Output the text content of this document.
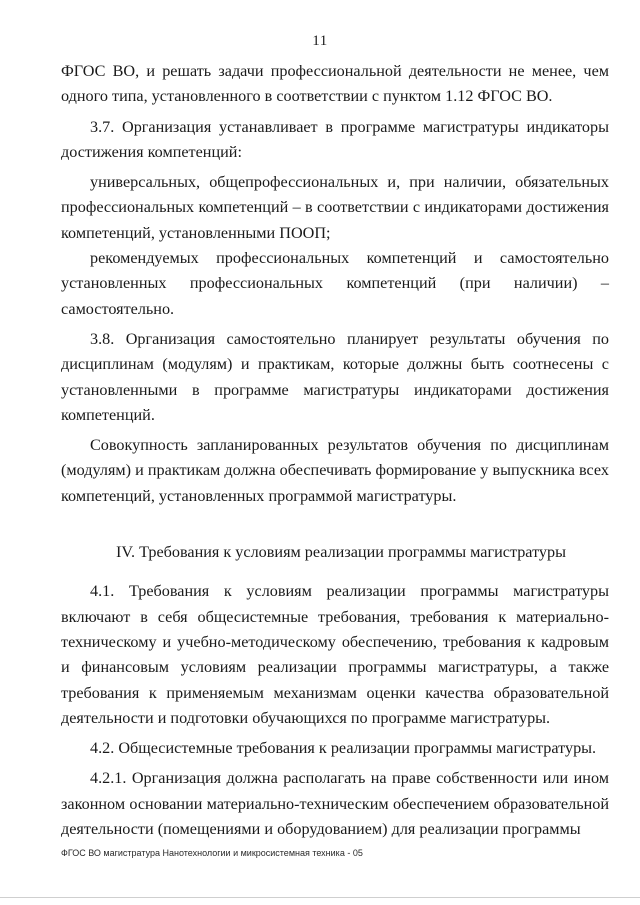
11

ФГОС ВО, и решать задачи профессиональной деятельности не менее, чем одного типа, установленного в соответствии с пунктом 1.12 ФГОС ВО.

3.7. Организация устанавливает в программе магистратуры индикаторы достижения компетенций:

универсальных, общепрофессиональных и, при наличии, обязательных профессиональных компетенций – в соответствии с индикаторами достижения компетенций, установленными ПООП;

рекомендуемых профессиональных компетенций и самостоятельно установленных профессиональных компетенций (при наличии) – самостоятельно.

3.8. Организация самостоятельно планирует результаты обучения по дисциплинам (модулям) и практикам, которые должны быть соотнесены с установленными в программе магистратуры индикаторами достижения компетенций.

Совокупность запланированных результатов обучения по дисциплинам (модулям) и практикам должна обеспечивать формирование у выпускника всех компетенций, установленных программой магистратуры.

IV. Требования к условиям реализации программы магистратуры

4.1. Требования к условиям реализации программы магистратуры включают в себя общесистемные требования, требования к материально-техническому и учебно-методическому обеспечению, требования к кадровым и финансовым условиям реализации программы магистратуры, а также требования к применяемым механизмам оценки качества образовательной деятельности и подготовки обучающихся по программе магистратуры.

4.2. Общесистемные требования к реализации программы магистратуры.

4.2.1. Организация должна располагать на праве собственности или ином законном основании материально-техническим обеспечением образовательной деятельности (помещениями и оборудованием) для реализации программы

ФГОС ВО магистратура Нанотехнологии и микросистемная техника - 05
